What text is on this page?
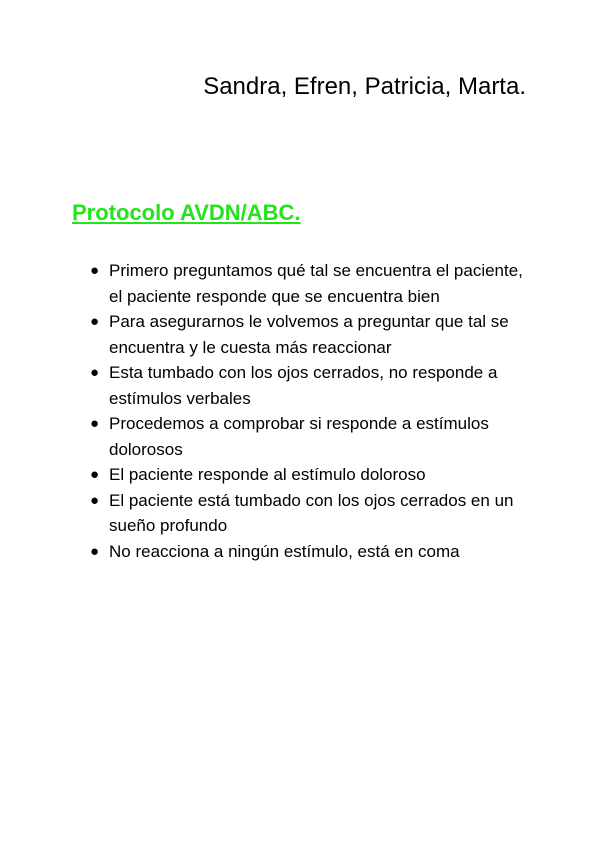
Sandra, Efren, Patricia, Marta.
Protocolo AVDN/ABC.
● Primero preguntamos qué tal se encuentra el paciente, el paciente responde que se encuentra bien
● Para asegurarnos le volvemos a preguntar que tal se encuentra y le cuesta más reaccionar
● Esta tumbado con los ojos cerrados, no responde a estímulos verbales
● Procedemos a comprobar si responde a estímulos dolorosos
● El paciente responde al estímulo doloroso
● El paciente está tumbado con los ojos cerrados en un sueño profundo
● No reacciona a ningún estímulo, está en coma
